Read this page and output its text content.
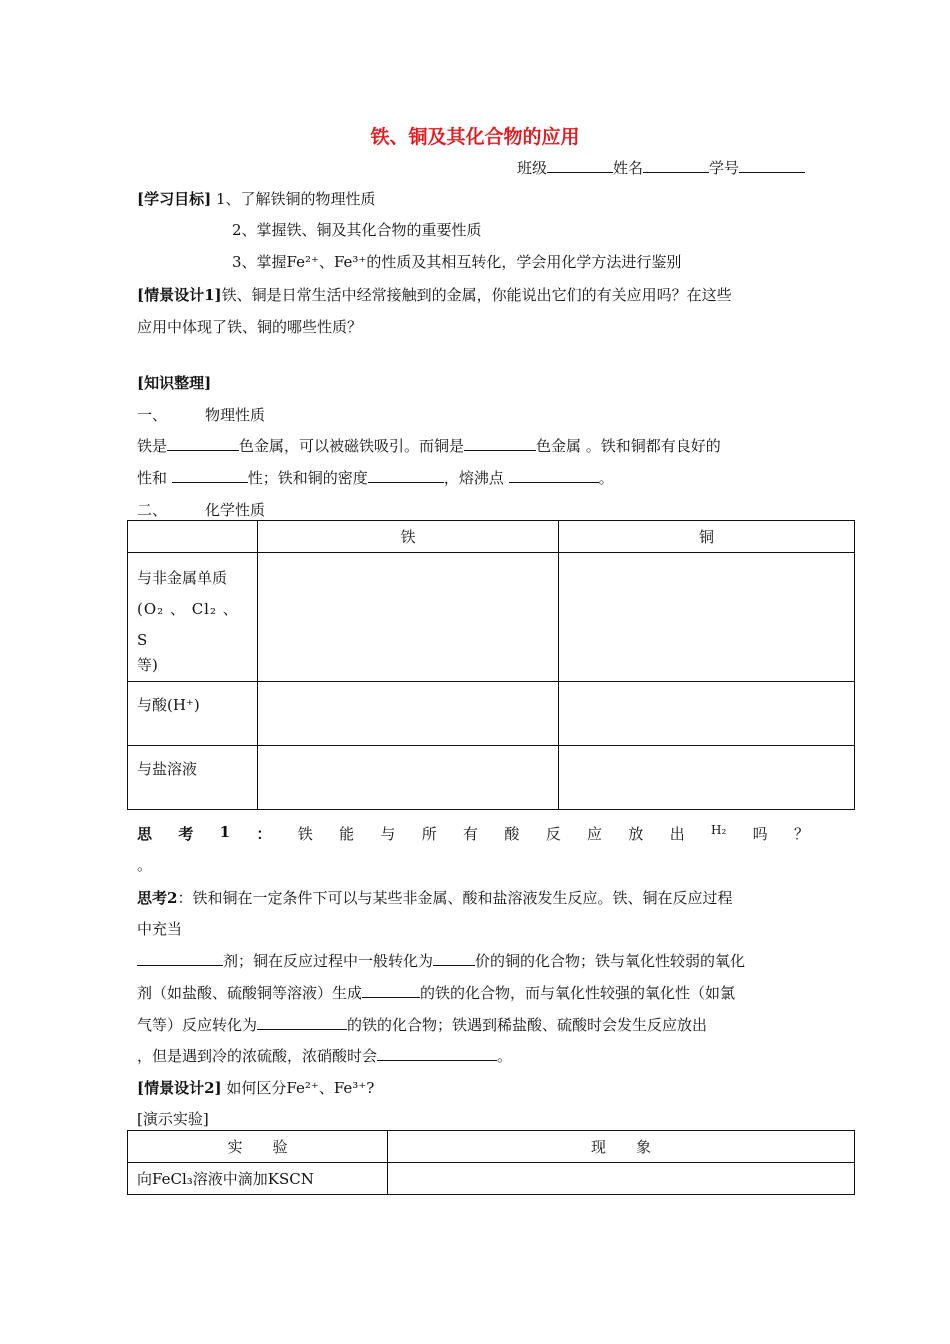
铁、铜及其化合物的应用
班级	姓名	学号
[学习目标] 1、了解铁铜的物理性质
2、掌握铁、铜及其化合物的重要性质
3、掌握Fe²⁺、Fe³⁺的性质及其相互转化，学会用化学方法进行鉴别
[情景设计1]铁、铜是日常生活中经常接触到的金属，你能说出它们的有关应用吗？在这些
应用中体现了铁、铜的哪些性质？
[知识整理]
一、	物理性质
铁是	色金属，可以被磁铁吸引。而铜是	色金属 。铁和铜都有良好的
性和	性；铁和铜的密度	，熔沸点	。
二、	化学性质
	铁	铜

与非金属单质
(O₂ 、 Cl₂ 、 S
等)		

与酸(H⁺)		
与盐溶液		
思 考 1 ： 铁 能 与 所 有 酸 反 应 放 出 H₂ 吗 ？
。
思考2：铁和铜在一定条件下可以与某些非金属、酸和盐溶液发生反应。铁、铜在反应过程
中充当
剂；铜在反应过程中一般转化为	价的铜的化合物；铁与氧化性较弱的氧化
剂（如盐酸、硫酸铜等溶液）生成	的铁的化合物，而与氧化性较强的氧化性（如氯
气等）反应转化为	的铁的化合物；铁遇到稀盐酸、硫酸时会发生反应放出
，但是遇到冷的浓硫酸，浓硝酸时会	。
[情景设计2] 如何区分Fe²⁺、Fe³⁺?
[演示实验]
实　　验	现　　象
向FeCl₃溶液中滴加KSCN	
